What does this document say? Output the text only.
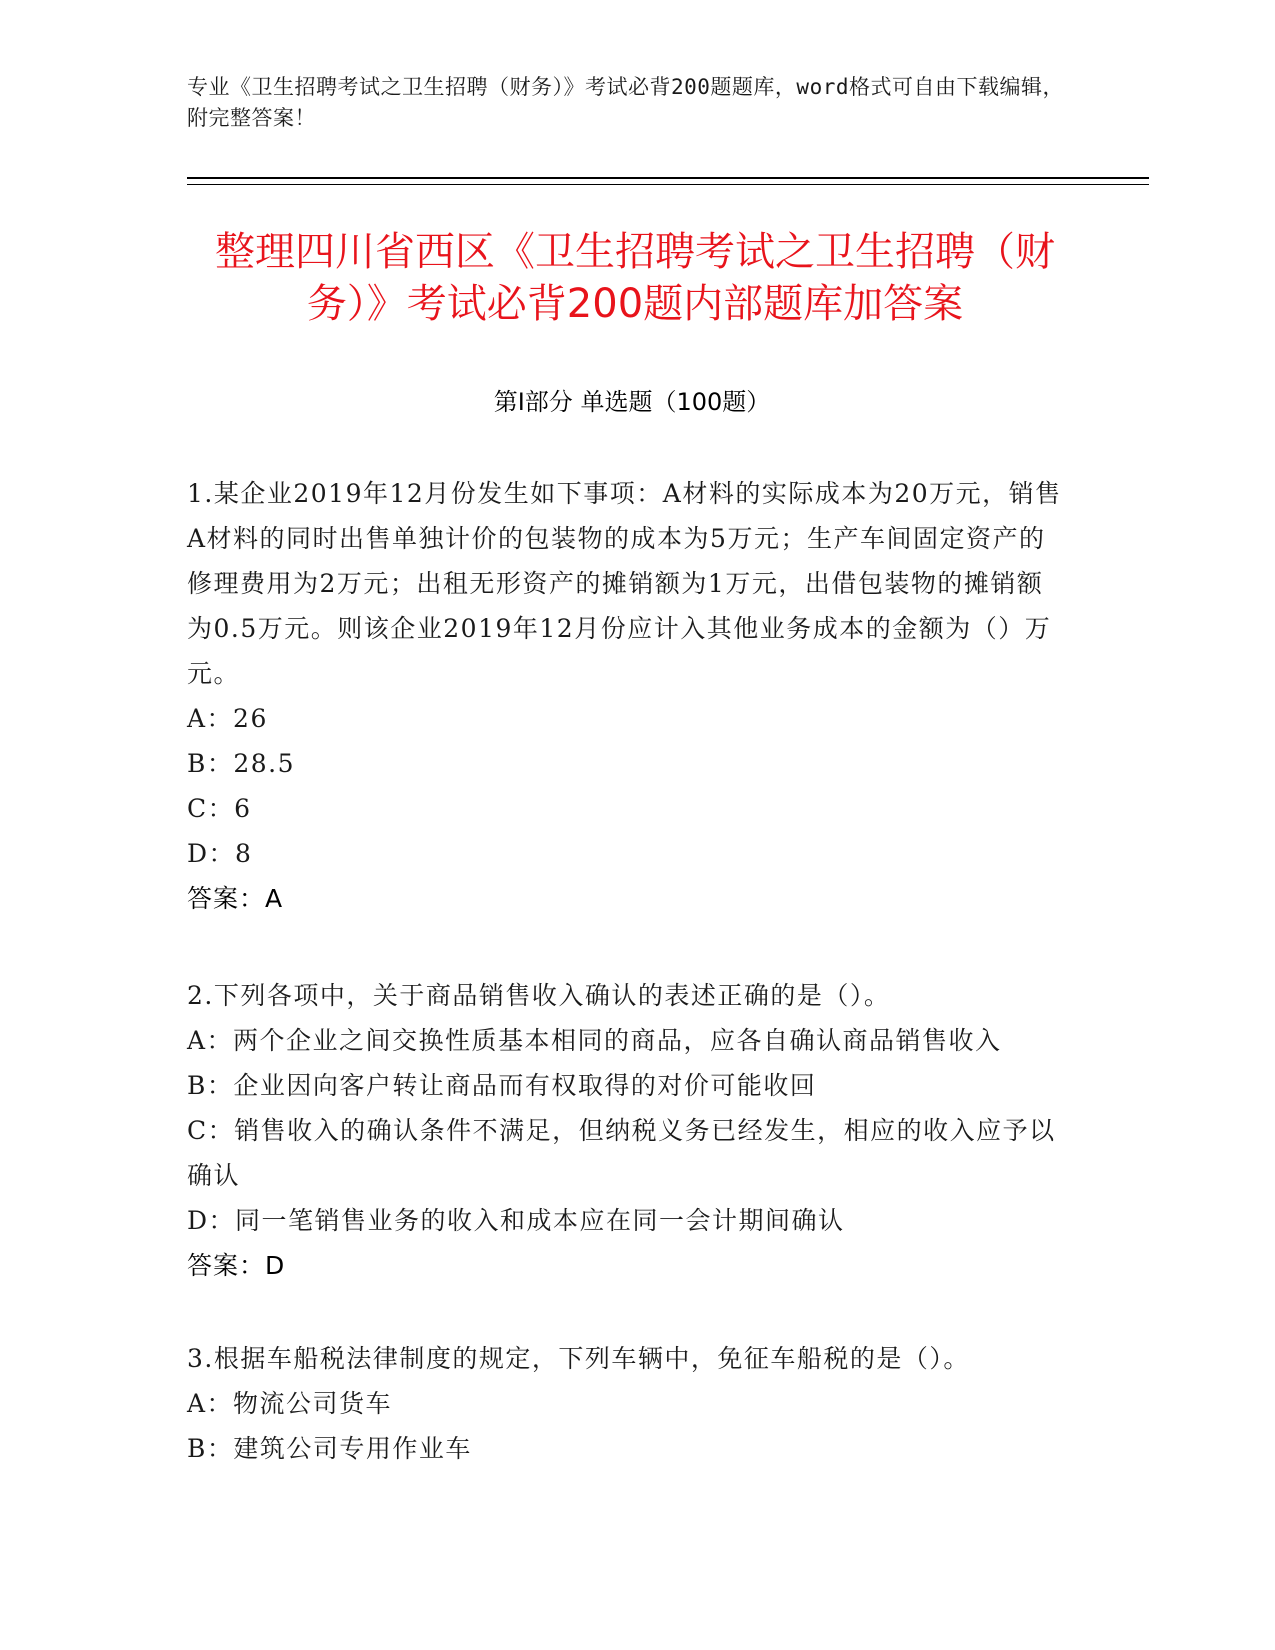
专业《卫生招聘考试之卫生招聘（财务）》考试必背200题题库，word格式可自由下载编辑，附完整答案！
整理四川省西区《卫生招聘考试之卫生招聘（财务）》考试必背200题内部题库加答案
第I部分 单选题（100题）

1.某企业2019年12月份发生如下事项：A材料的实际成本为20万元，销售A材料的同时出售单独计价的包装物的成本为5万元；生产车间固定资产的修理费用为2万元；出租无形资产的摊销额为1万元，出借包装物的摊销额为0.5万元。则该企业2019年12月份应计入其他业务成本的金额为（）万元。

A：26

B：28.5

C：6

D：8

答案：A

2.下列各项中，关于商品销售收入确认的表述正确的是（）。

A：两个企业之间交换性质基本相同的商品，应各自确认商品销售收入

B：企业因向客户转让商品而有权取得的对价可能收回

C：销售收入的确认条件不满足，但纳税义务已经发生，相应的收入应予以确认

D：同一笔销售业务的收入和成本应在同一会计期间确认

答案：D

3.根据车船税法律制度的规定，下列车辆中，免征车船税的是（）。

A：物流公司货车

B：建筑公司专用作业车
